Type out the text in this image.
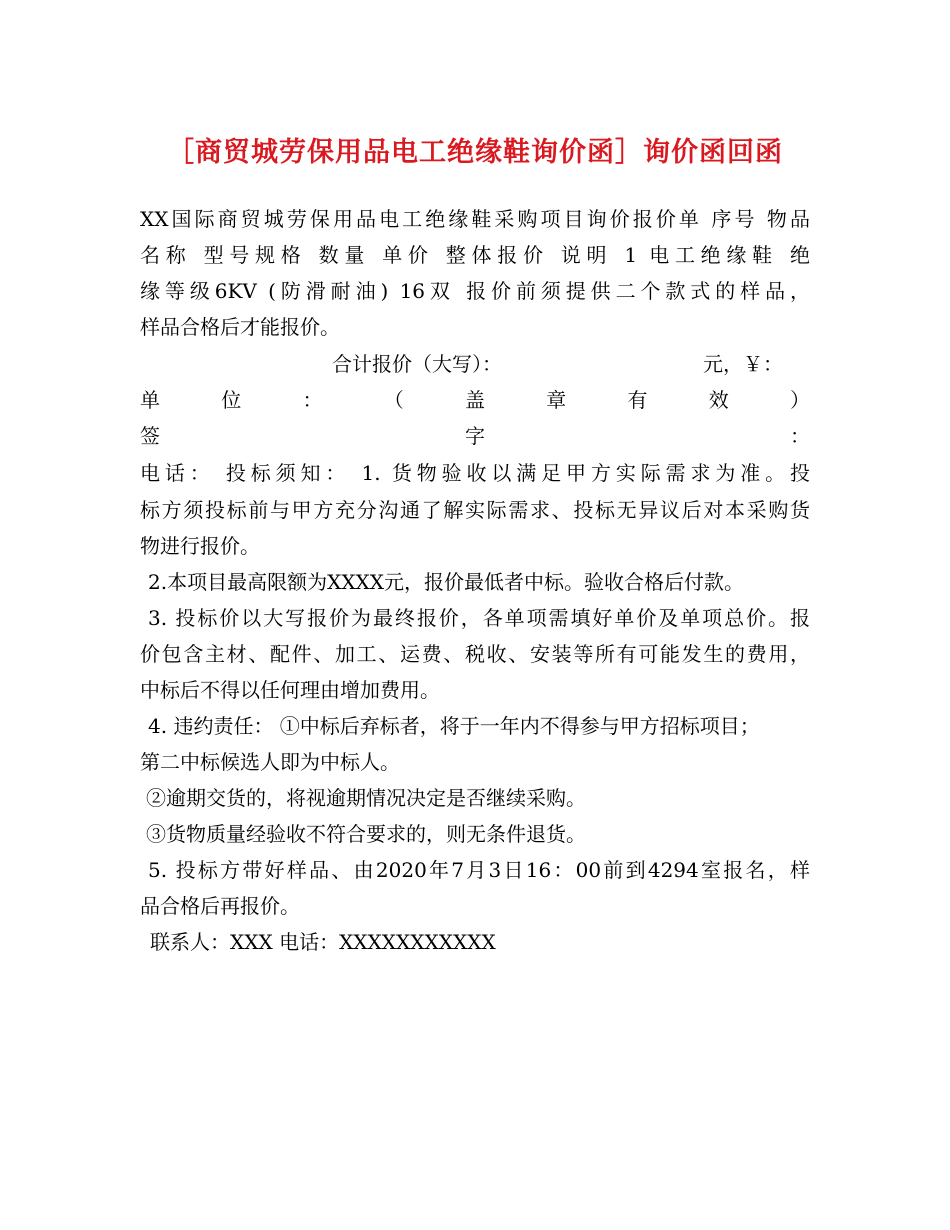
［商贸城劳保用品电工绝缘鞋询价函］询价函回函
XX国际商贸城劳保用品电工绝缘鞋采购项目询价报价单 序号 物品
名称 型号规格 数量 单价 整体报价 说明 1 电工绝缘鞋 绝
缘等级6KV (防滑耐油) 16双 报价前须提供二个款式的样品，
样品合格后才能报价。
合计报价（大写）：	元，￥：
单	位	：	（	盖	章	有	效	）
签	字	：
电话： 投标须知： 1. 货物验收以满足甲方实际需求为准。投
标方须投标前与甲方充分沟通了解实际需求、投标无异议后对本采购货
物进行报价。
2.本项目最高限额为XXXX元，报价最低者中标。验收合格后付款。
3. 投标价以大写报价为最终报价，各单项需填好单价及单项总价。报
价包含主材、配件、加工、运费、税收、安装等所有可能发生的费用，
中标后不得以任何理由增加费用。
4. 违约责任： ①中标后弃标者，将于一年内不得参与甲方招标项目；
第二中标候选人即为中标人。
②逾期交货的，将视逾期情况决定是否继续采购。
③货物质量经验收不符合要求的，则无条件退货。
5. 投标方带好样品、由2020年7月3日16：00前到4294室报名，样
品合格后再报价。
联系人：XXX 电话：XXXXXXXXXXX
